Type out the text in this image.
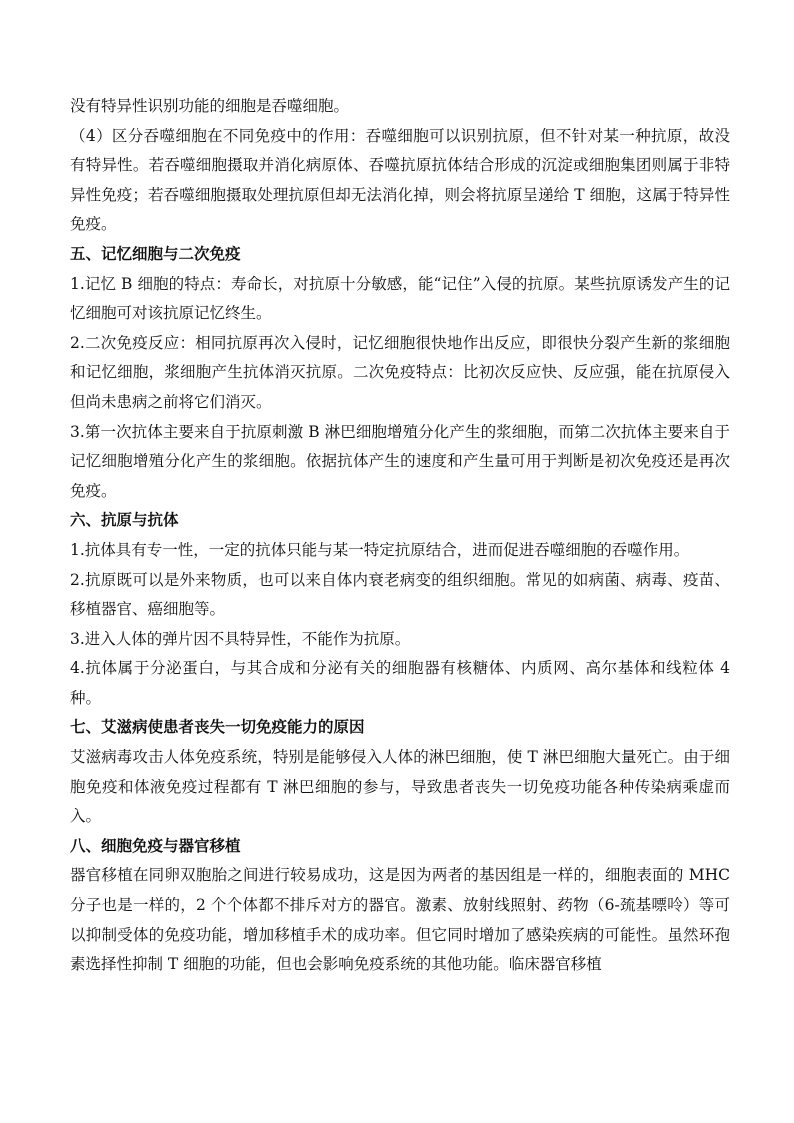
没有特异性识别功能的细胞是吞噬细胞。

（4）区分吞噬细胞在不同免疫中的作用：吞噬细胞可以识别抗原，但不针对某一种抗原，故没有特异性。若吞噬细胞摄取并消化病原体、吞噬抗原抗体结合形成的沉淀或细胞集团则属于非特异性免疫；若吞噬细胞摄取处理抗原但却无法消化掉，则会将抗原呈递给 T 细胞，这属于特异性免疫。

五、记忆细胞与二次免疫

1.记忆 B 细胞的特点：寿命长，对抗原十分敏感，能“记住”入侵的抗原。某些抗原诱发产生的记忆细胞可对该抗原记忆终生。

2.二次免疫反应：相同抗原再次入侵时，记忆细胞很快地作出反应，即很快分裂产生新的浆细胞和记忆细胞，浆细胞产生抗体消灭抗原。二次免疫特点：比初次反应快、反应强，能在抗原侵入但尚未患病之前将它们消灭。

3.第一次抗体主要来自于抗原刺激 B 淋巴细胞增殖分化产生的浆细胞，而第二次抗体主要来自于记忆细胞增殖分化产生的浆细胞。依据抗体产生的速度和产生量可用于判断是初次免疫还是再次免疫。

六、抗原与抗体

1.抗体具有专一性，一定的抗体只能与某一特定抗原结合，进而促进吞噬细胞的吞噬作用。

2.抗原既可以是外来物质，也可以来自体内衰老病变的组织细胞。常见的如病菌、病毒、疫苗、移植器官、癌细胞等。

3.进入人体的弹片因不具特异性，不能作为抗原。

4.抗体属于分泌蛋白，与其合成和分泌有关的细胞器有核糖体、内质网、高尔基体和线粒体 4 种。

七、艾滋病使患者丧失一切免疫能力的原因

艾滋病毒攻击人体免疫系统，特别是能够侵入人体的淋巴细胞，使 T 淋巴细胞大量死亡。由于细胞免疫和体液免疫过程都有 T 淋巴细胞的参与，导致患者丧失一切免疫功能各种传染病乘虚而入。

八、细胞免疫与器官移植

器官移植在同卵双胞胎之间进行较易成功，这是因为两者的基因组是一样的，细胞表面的 MHC 分子也是一样的，2 个个体都不排斥对方的器官。激素、放射线照射、药物（6-巯基嘌呤）等可以抑制受体的免疫功能，增加移植手术的成功率。但它同时增加了感染疾病的可能性。虽然环孢素选择性抑制 T 细胞的功能，但也会影响免疫系统的其他功能。临床器官移植
